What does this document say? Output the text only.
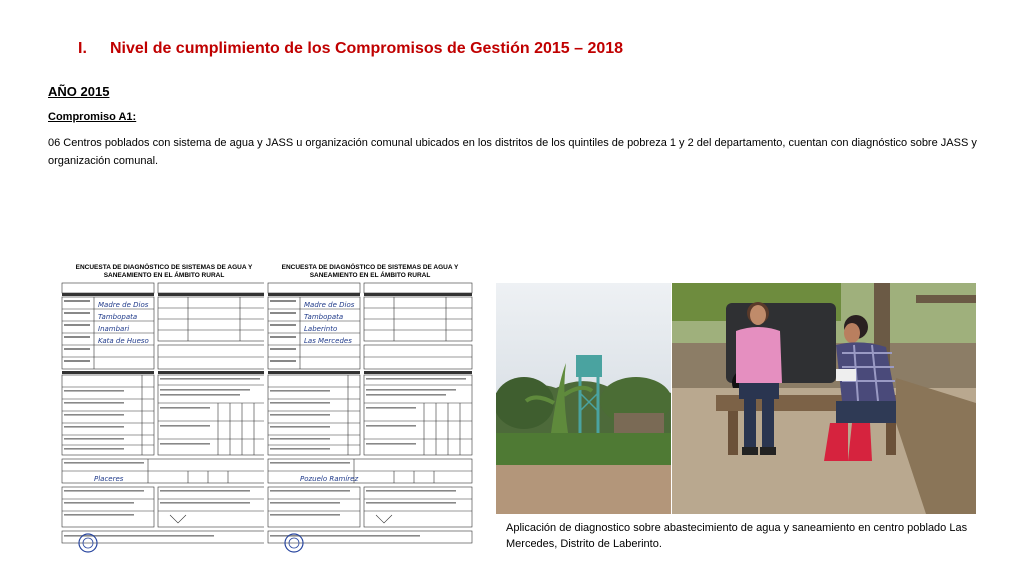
I. Nivel de cumplimiento de los Compromisos de Gestión 2015 – 2018
AÑO 2015
Compromiso A1:
06 Centros poblados con sistema de agua y JASS u organización comunal ubicados en los distritos de los quintiles de pobreza 1 y 2 del departamento, cuentan con diagnóstico sobre JASS y organización comunal.
ENCUESTA DE DIAGNÓSTICO DE SISTEMAS DE AGUA Y SANEAMIENTO EN EL ÁMBITO RURAL
Madre de Dios
Tambopata
Inambari
Kata de Hueso
Placeres
ENCUESTA DE DIAGNÓSTICO DE SISTEMAS DE AGUA Y SANEAMIENTO EN EL ÁMBITO RURAL
Madre de Dios
Tambopata
Laberinto
Las Mercedes
Pozuelo Ramírez
Aplicación de diagnostico sobre abastecimiento de agua y saneamiento en centro poblado Las Mercedes, Distrito de Laberinto.
